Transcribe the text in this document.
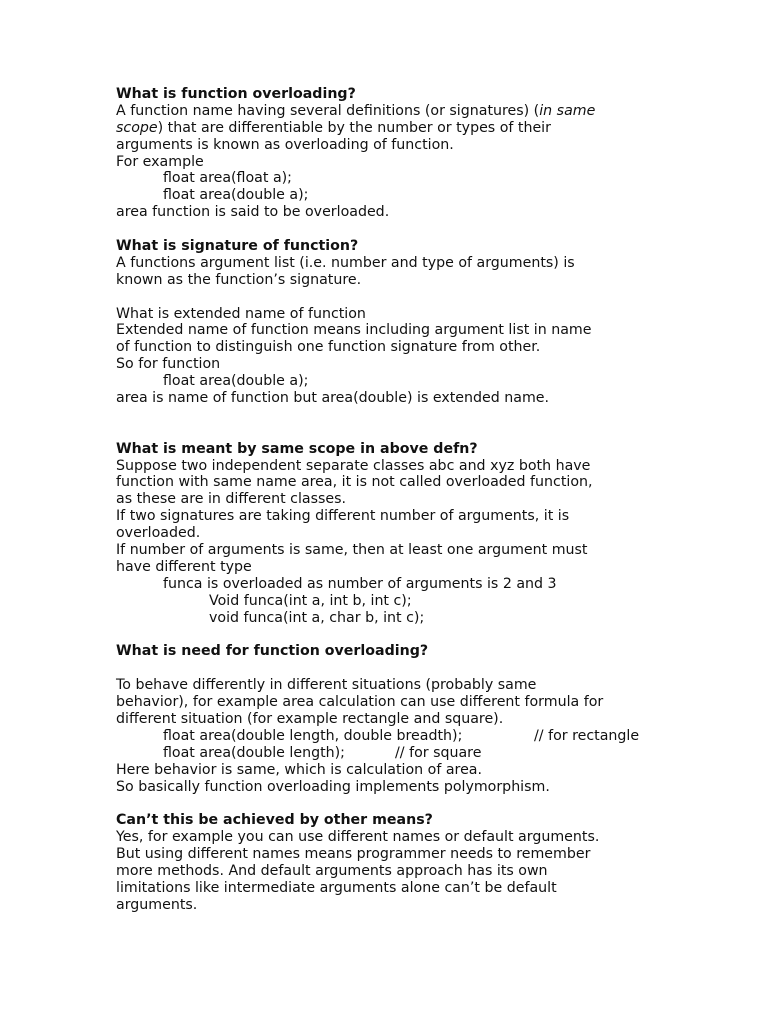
What is function overloading?
A function name having several definitions (or signatures) (in same
scope) that are differentiable by the number or types of their
arguments is known as overloading of function.
For example
float area(float a);
float area(double a);
area function is said to be overloaded.
What is signature of function?
A functions argument list (i.e. number and type of arguments) is
known as the function’s signature.
What is extended name of function
Extended name of function means including argument list in name
of function to distinguish one function signature from other.
So for function
float area(double a);
area is name of function but area(double) is extended name.
What is meant by same scope in above defn?
Suppose two independent separate classes abc and xyz both have
function with same name area, it is not called overloaded function,
as these are in different classes.
If two signatures are taking different number of arguments, it is
overloaded.
If number of arguments is same, then at least one argument must
have different type
funca is overloaded as number of arguments is 2 and 3
Void funca(int a, int b, int c);
void funca(int a, char b, int c);
What is need for function overloading?
To behave differently in different situations (probably same
behavior), for example area calculation can use different formula for
different situation (for example rectangle and square).
float area(double length, double breadth);	// for rectangle
float area(double length);	// for square
Here behavior is same, which is calculation of area.
So basically function overloading implements polymorphism.
Can’t this be achieved by other means?
Yes, for example you can use different names or default arguments.
But using different names means programmer needs to remember
more methods. And default arguments approach has its own
limitations like intermediate arguments alone can’t be default
arguments.
